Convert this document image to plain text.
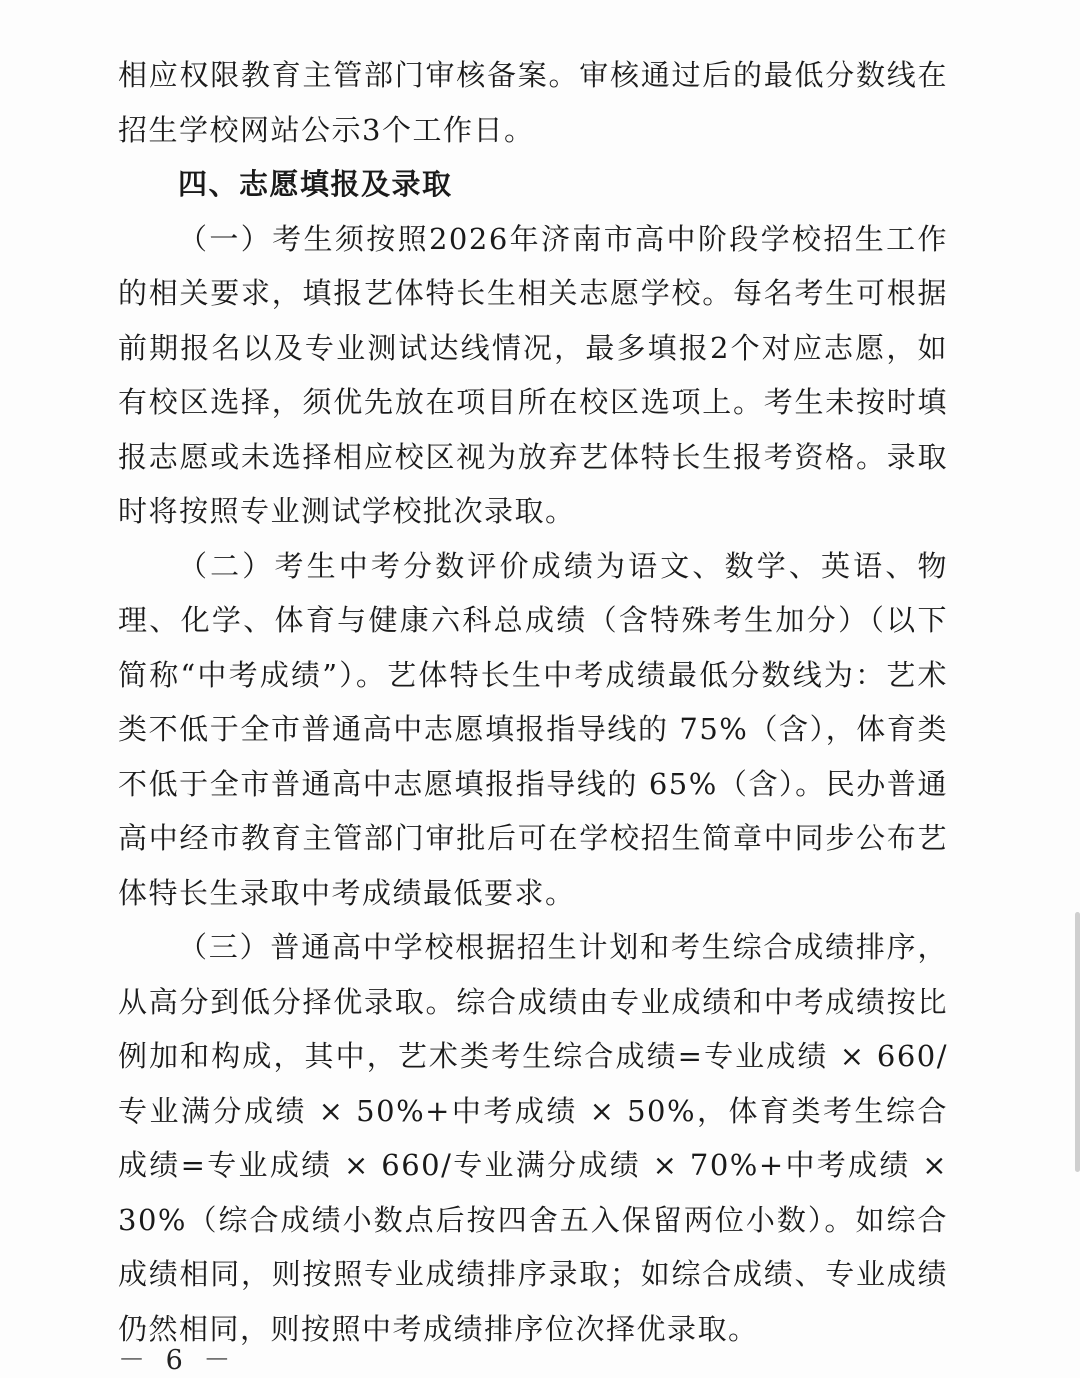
相应权限教育主管部门审核备案。审核通过后的最低分数线在招生学校网站公示3个工作日。

四、志愿填报及录取

（一）考生须按照2026年济南市高中阶段学校招生工作的相关要求，填报艺体特长生相关志愿学校。每名考生可根据前期报名以及专业测试达线情况，最多填报2个对应志愿，如有校区选择，须优先放在项目所在校区选项上。考生未按时填报志愿或未选择相应校区视为放弃艺体特长生报考资格。录取时将按照专业测试学校批次录取。

（二）考生中考分数评价成绩为语文、数学、英语、物理、化学、体育与健康六科总成绩（含特殊考生加分）（以下简称“中考成绩”）。艺体特长生中考成绩最低分数线为：艺术类不低于全市普通高中志愿填报指导线的 75%（含），体育类不低于全市普通高中志愿填报指导线的 65%（含）。民办普通高中经市教育主管部门审批后可在学校招生简章中同步公布艺体特长生录取中考成绩最低要求。

（三）普通高中学校根据招生计划和考生综合成绩排序，从高分到低分择优录取。综合成绩由专业成绩和中考成绩按比例加和构成，其中，艺术类考生综合成绩=专业成绩 × 660/专业满分成绩 × 50%+中考成绩 × 50%，体育类考生综合成绩=专业成绩 × 660/专业满分成绩 × 70%+中考成绩 × 30%（综合成绩小数点后按四舍五入保留两位小数）。如综合成绩相同，则按照专业成绩排序录取；如综合成绩、专业成绩仍然相同，则按照中考成绩排序位次择优录取。

－ 6 －
